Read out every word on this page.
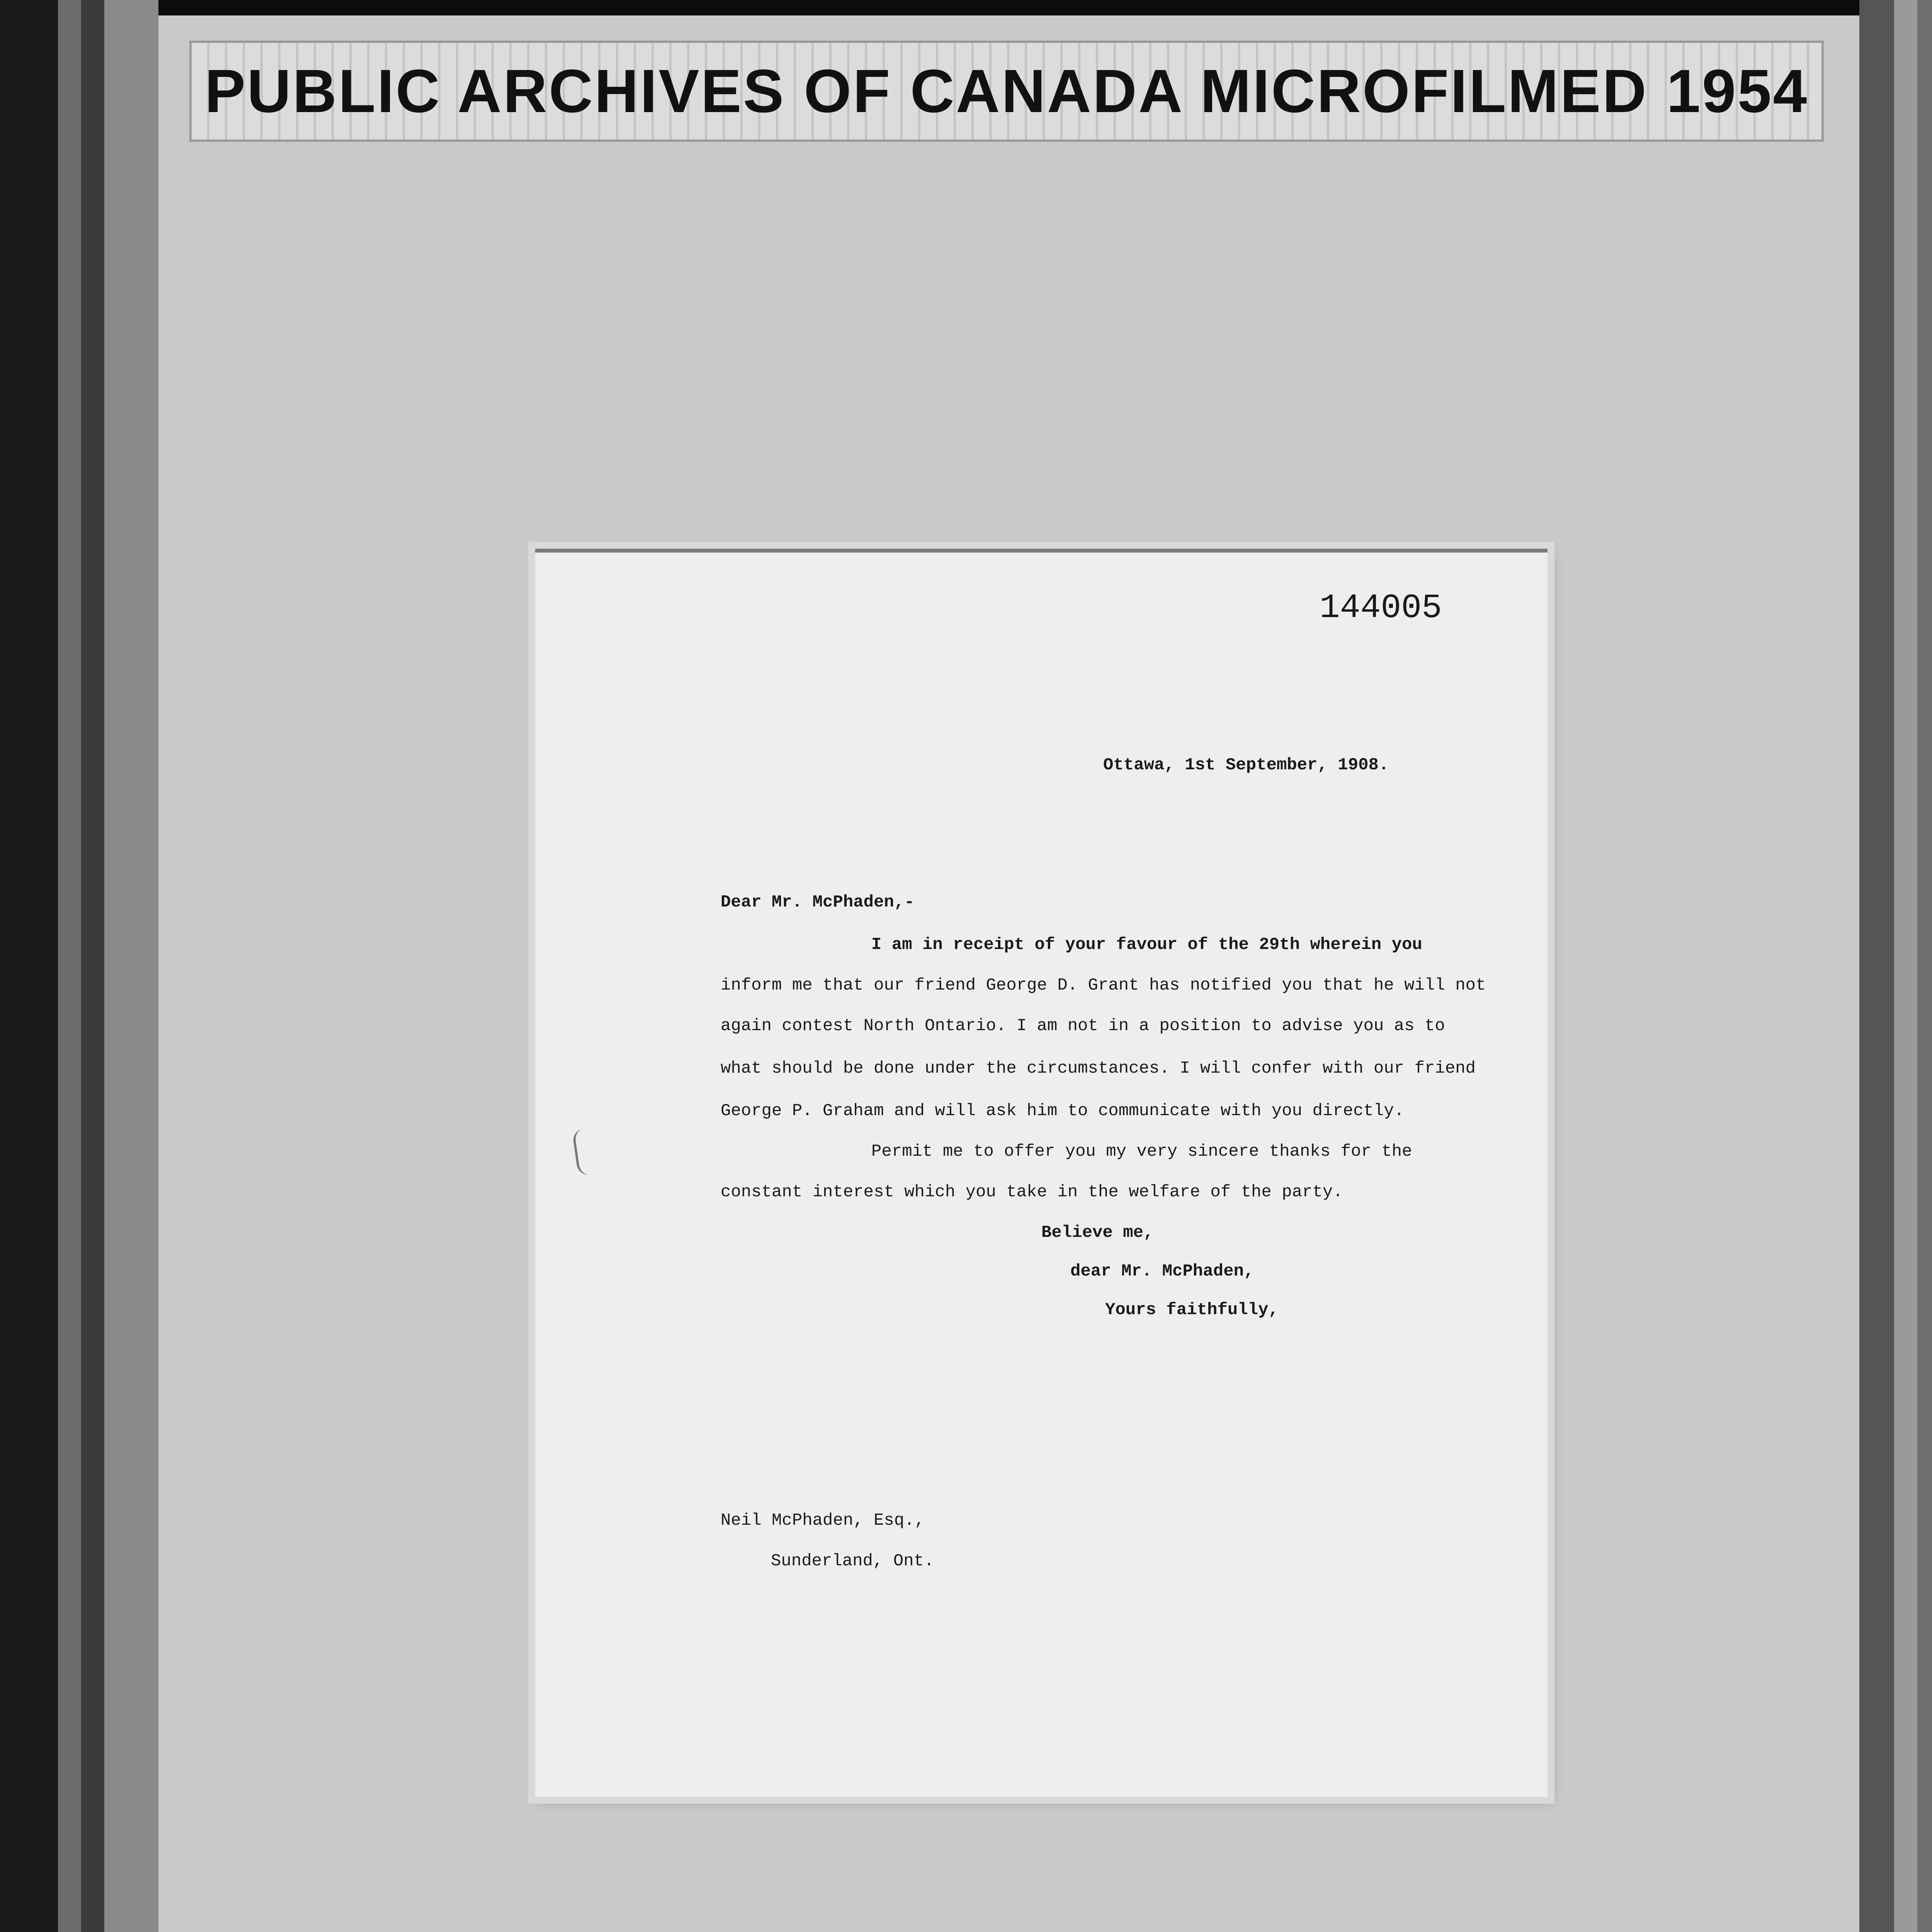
PUBLIC ARCHIVES OF CANADA MICROFILMED 1954
144005
Ottawa, 1st September, 1908.
Dear Mr. McPhaden,-
I am in receipt of your favour of the 29th wherein you
inform me that our friend George D. Grant has notified you that he will not
again contest North Ontario. I am not in a position to advise you as to
what should be done under the circumstances. I will confer with our friend
George P. Graham and will ask him to communicate with you directly.
Permit me to offer you my very sincere thanks for the
constant interest which you take in the welfare of the party.
Believe me,
dear Mr. McPhaden,
Yours faithfully,
Neil McPhaden, Esq.,
Sunderland, Ont.
